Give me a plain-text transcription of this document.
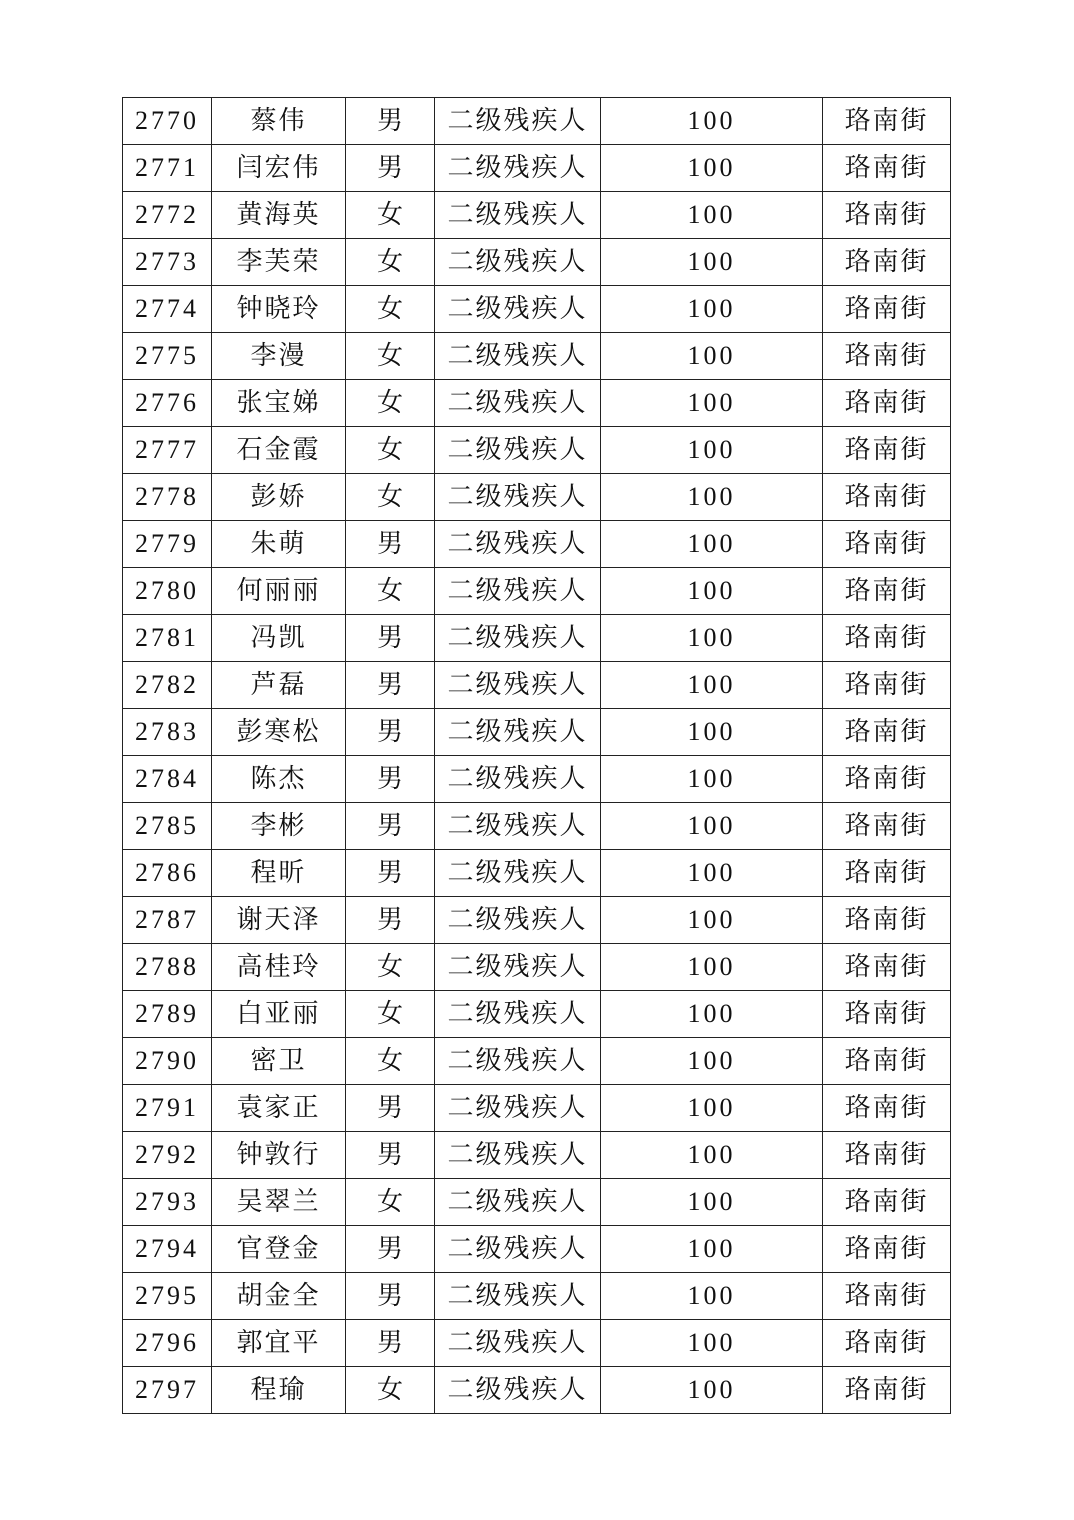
2770	蔡伟	男	二级残疾人	100	珞南街
2771	闫宏伟	男	二级残疾人	100	珞南街
2772	黄海英	女	二级残疾人	100	珞南街
2773	李芙荣	女	二级残疾人	100	珞南街
2774	钟晓玲	女	二级残疾人	100	珞南街
2775	李漫	女	二级残疾人	100	珞南街
2776	张宝娣	女	二级残疾人	100	珞南街
2777	石金霞	女	二级残疾人	100	珞南街
2778	彭娇	女	二级残疾人	100	珞南街
2779	朱萌	男	二级残疾人	100	珞南街
2780	何丽丽	女	二级残疾人	100	珞南街
2781	冯凯	男	二级残疾人	100	珞南街
2782	芦磊	男	二级残疾人	100	珞南街
2783	彭寒松	男	二级残疾人	100	珞南街
2784	陈杰	男	二级残疾人	100	珞南街
2785	李彬	男	二级残疾人	100	珞南街
2786	程昕	男	二级残疾人	100	珞南街
2787	谢天泽	男	二级残疾人	100	珞南街
2788	高桂玲	女	二级残疾人	100	珞南街
2789	白亚丽	女	二级残疾人	100	珞南街
2790	密卫	女	二级残疾人	100	珞南街
2791	袁家正	男	二级残疾人	100	珞南街
2792	钟敦行	男	二级残疾人	100	珞南街
2793	吴翠兰	女	二级残疾人	100	珞南街
2794	官登金	男	二级残疾人	100	珞南街
2795	胡金全	男	二级残疾人	100	珞南街
2796	郭宜平	男	二级残疾人	100	珞南街
2797	程瑜	女	二级残疾人	100	珞南街
